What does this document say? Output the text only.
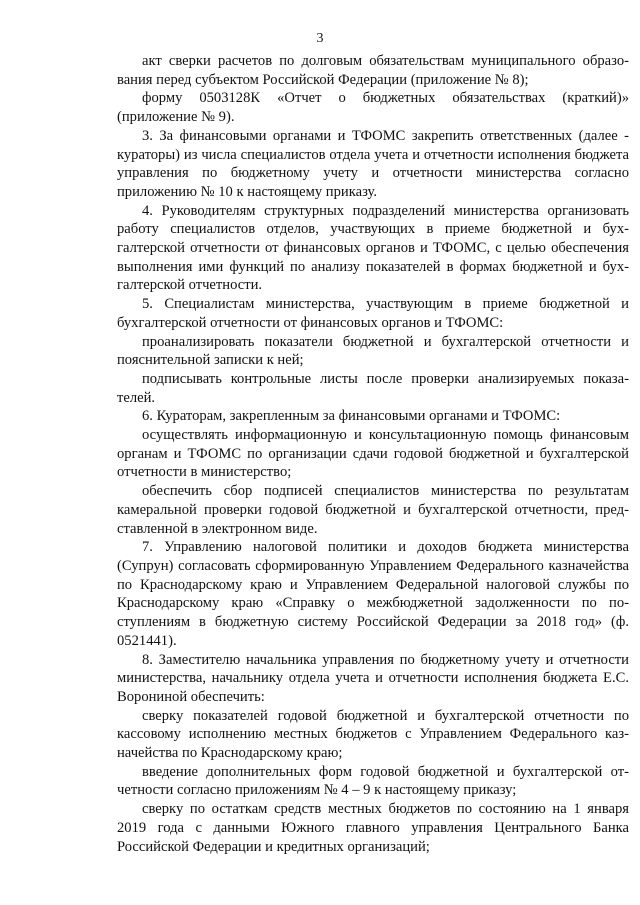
3

акт сверки расчетов по долговым обязательствам муниципального образования перед субъектом Российской Федерации (приложение № 8);

форму 0503128К «Отчет о бюджетных обязательствах (краткий)» (приложение № 9).

3. За финансовыми органами и ТФОМС закрепить ответственных (далее - кураторы) из числа специалистов отдела учета и отчетности исполнения бюджета управления по бюджетному учету и отчетности министерства согласно приложению № 10 к настоящему приказу.

4. Руководителям структурных подразделений министерства организовать работу специалистов отделов, участвующих в приеме бюджетной и бухгалтерской отчетности от финансовых органов и ТФОМС, с целью обеспечения выполнения ими функций по анализу показателей в формах бюджетной и бухгалтерской отчетности.

5. Специалистам министерства, участвующим в приеме бюджетной и бухгалтерской отчетности от финансовых органов и ТФОМС:

проанализировать показатели бюджетной и бухгалтерской отчетности и пояснительной записки к ней;

подписывать контрольные листы после проверки анализируемых показателей.

6. Кураторам, закрепленным за финансовыми органами и ТФОМС:

осуществлять информационную и консультационную помощь финансовым органам и ТФОМС по организации сдачи годовой бюджетной и бухгалтерской отчетности в министерство;

обеспечить сбор подписей специалистов министерства по результатам камеральной проверки годовой бюджетной и бухгалтерской отчетности, представленной в электронном виде.

7. Управлению налоговой политики и доходов бюджета министерства (Супрун) согласовать сформированную Управлением Федерального казначейства по Краснодарскому краю и Управлением Федеральной налоговой службы по Краснодарскому краю «Справку о межбюджетной задолженности по поступлениям в бюджетную систему Российской Федерации за 2018 год» (ф. 0521441).

8. Заместителю начальника управления по бюджетному учету и отчетности министерства, начальнику отдела учета и отчетности исполнения бюджета Е.С. Ворониной обеспечить:

сверку показателей годовой бюджетной и бухгалтерской отчетности по кассовому исполнению местных бюджетов с Управлением Федерального казначейства по Краснодарскому краю;

введение дополнительных форм годовой бюджетной и бухгалтерской отчетности согласно приложениям № 4 – 9 к настоящему приказу;

сверку по остаткам средств местных бюджетов по состоянию на 1 января 2019 года с данными Южного главного управления Центрального Банка Российской Федерации и кредитных организаций;
